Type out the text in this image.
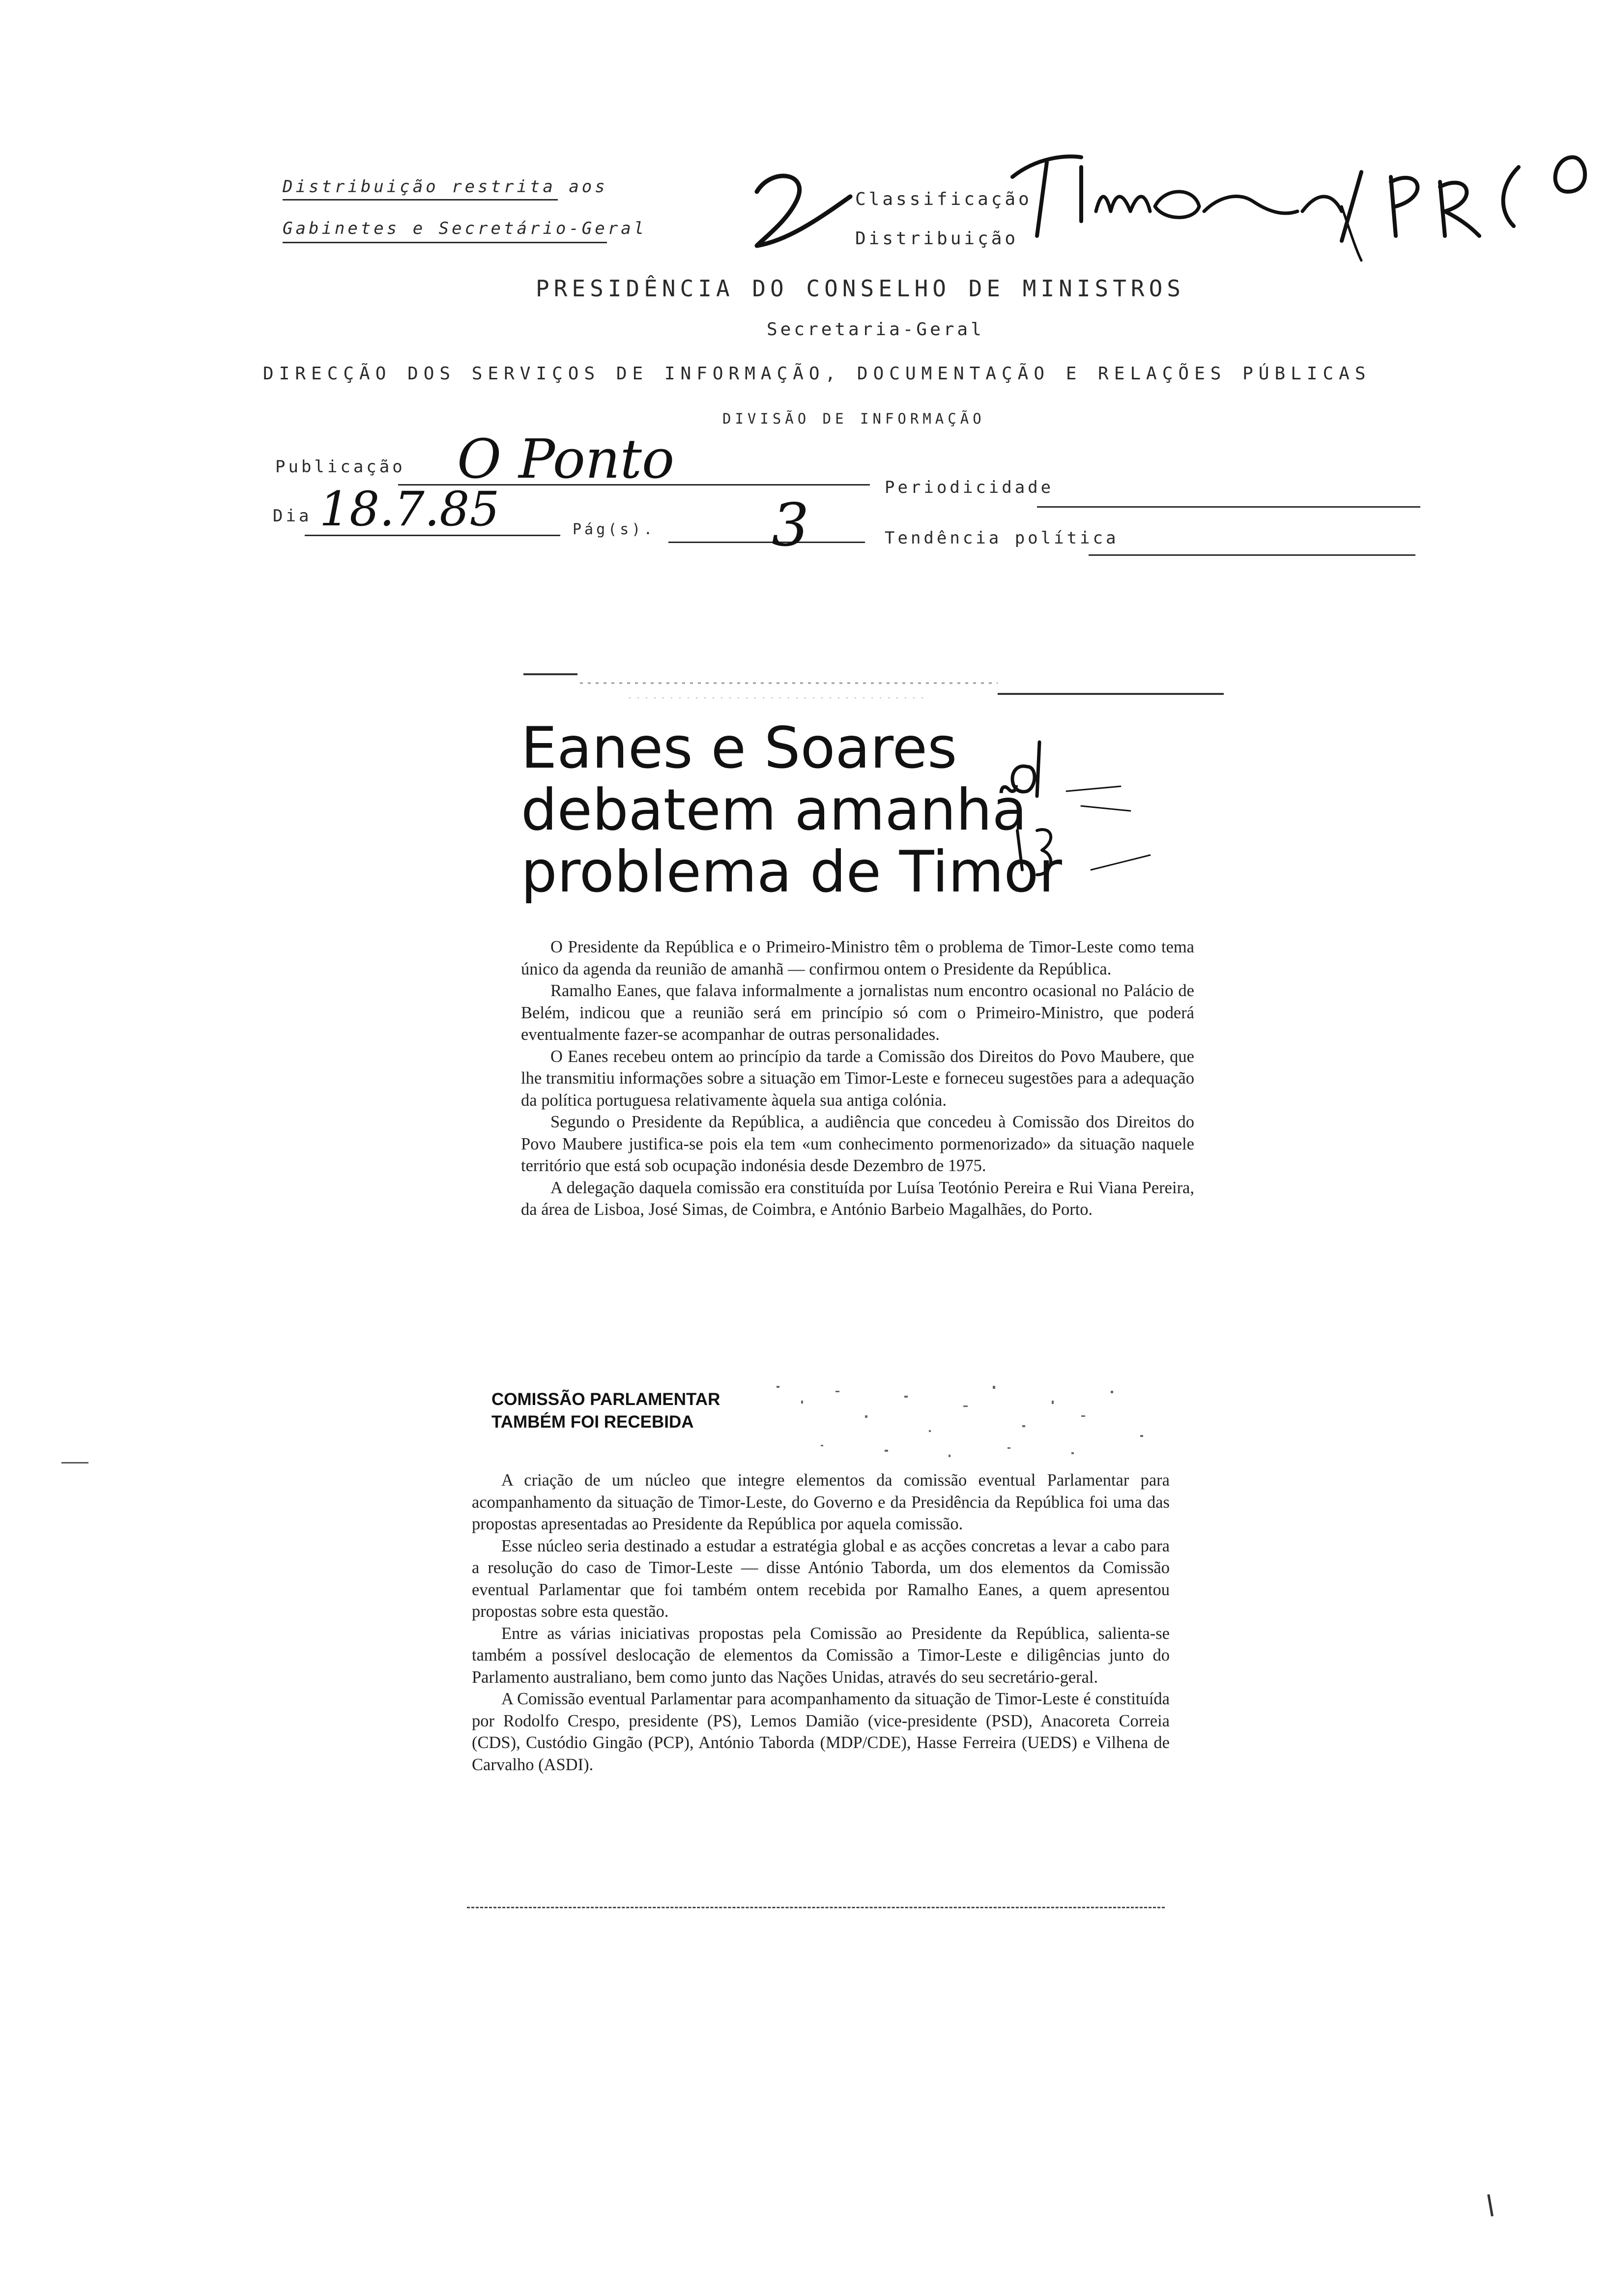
Distribuição restrita aos
Gabinetes e Secretário-Geral
Classificação
Distribuição
PRESIDÊNCIA DO CONSELHO DE MINISTROS
Secretaria-Geral
DIRECÇÃO DOS SERVIÇOS DE INFORMAÇÃO, DOCUMENTAÇÃO E RELAÇÕES PÚBLICAS
DIVISÃO DE INFORMAÇÃO
Publicação O Ponto	Periodicidade
Dia 18.7.85	Pág(s). 3	Tendência política
Eanes e Soares
debatem amanhã
problema de Timor

O Presidente da República e o Primeiro-Ministro têm o problema de Timor-Leste como tema único da agenda da reunião de amanhã — confirmou ontem o Presidente da República.

Ramalho Eanes, que falava informalmente a jornalistas num encontro ocasional no Palácio de Belém, indicou que a reunião será em princípio só com o Primeiro-Ministro, que poderá eventualmente fazer-se acompanhar de outras personalidades.

O Eanes recebeu ontem ao princípio da tarde a Comissão dos Direitos do Povo Maubere, que lhe transmitiu informações sobre a situação em Timor-Leste e forneceu sugestões para a adequação da política portuguesa relativamente àquela sua antiga colónia.

Segundo o Presidente da República, a audiência que concedeu à Comissão dos Direitos do Povo Maubere justifica-se pois ela tem «um conhecimento pormenorizado» da situação naquele território que está sob ocupação indonésia desde Dezembro de 1975.

A delegação daquela comissão era constituída por Luísa Teotónio Pereira e Rui Viana Pereira, da área de Lisboa, José Simas, de Coimbra, e António Barbeio Magalhães, do Porto.

COMISSÃO PARLAMENTAR
TAMBÉM FOI RECEBIDA

A criação de um núcleo que integre elementos da comissão eventual Parlamentar para acompanhamento da situação de Timor-Leste, do Governo e da Presidência da República foi uma das propostas apresentadas ao Presidente da República por aquela comissão.

Esse núcleo seria destinado a estudar a estratégia global e as acções concretas a levar a cabo para a resolução do caso de Timor-Leste — disse António Taborda, um dos elementos da Comissão eventual Parlamentar que foi também ontem recebida por Ramalho Eanes, a quem apresentou propostas sobre esta questão.

Entre as várias iniciativas propostas pela Comissão ao Presidente da República, salienta-se também a possível deslocação de elementos da Comissão a Timor-Leste e diligências junto do Parlamento australiano, bem como junto das Nações Unidas, através do seu secretário-geral.

A Comissão eventual Parlamentar para acompanhamento da situação de Timor-Leste é constituída por Rodolfo Crespo, presidente (PS), Lemos Damião (vice-presidente (PSD), Anacoreta Correia (CDS), Custódio Gingão (PCP), António Taborda (MDP/CDE), Hasse Ferreira (UEDS) e Vilhena de Carvalho (ASDI).
